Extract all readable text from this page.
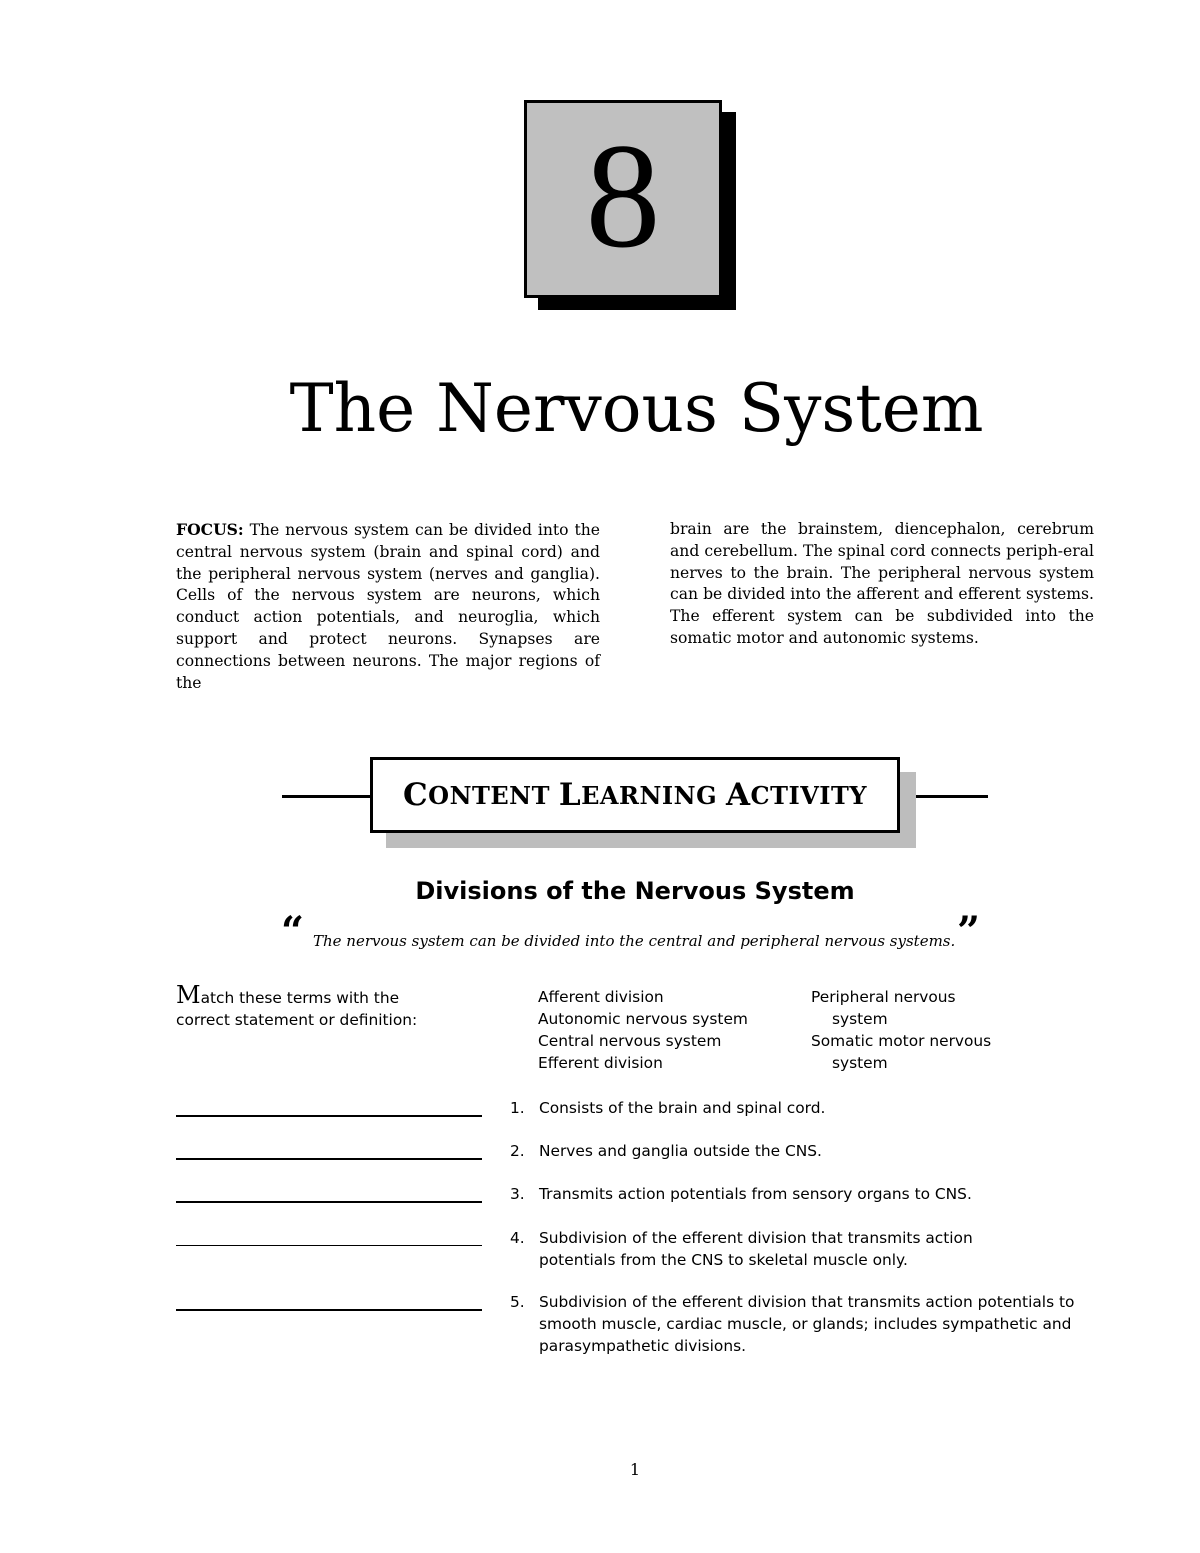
8
The Nervous System
FOCUS: The nervous system can be divided into the central nervous system (brain and spinal cord) and the peripheral nervous system (nerves and ganglia). Cells of the nervous system are neurons, which conduct action potentials, and neuroglia, which support and protect neurons. Synapses are connections between neurons. The major regions of the
brain are the brainstem, diencephalon, cerebrum and cerebellum. The spinal cord connects periph-eral nerves to the brain. The peripheral nervous system can be divided into the afferent and efferent systems. The efferent system can be subdivided into the somatic motor and autonomic systems.
C ONTENT
L EARNING
A CTIVITY
Divisions of the Nervous System
“ The nervous system can be divided into the central and peripheral nervous systems. ”
Match these terms with the
correct statement or definition:
Afferent division
Autonomic nervous system
Central nervous system
Efferent division
Peripheral nervous
system
Somatic motor nervous
system
1. Consists of the brain and spinal cord.
2. Nerves and ganglia outside the CNS.
3. Transmits action potentials from sensory organs to CNS.
4. Subdivision of the efferent division that transmits action potentials from the CNS to skeletal muscle only.
5. Subdivision of the efferent division that transmits action potentials to smooth muscle, cardiac muscle, or glands; includes sympathetic and parasympathetic divisions.
1
